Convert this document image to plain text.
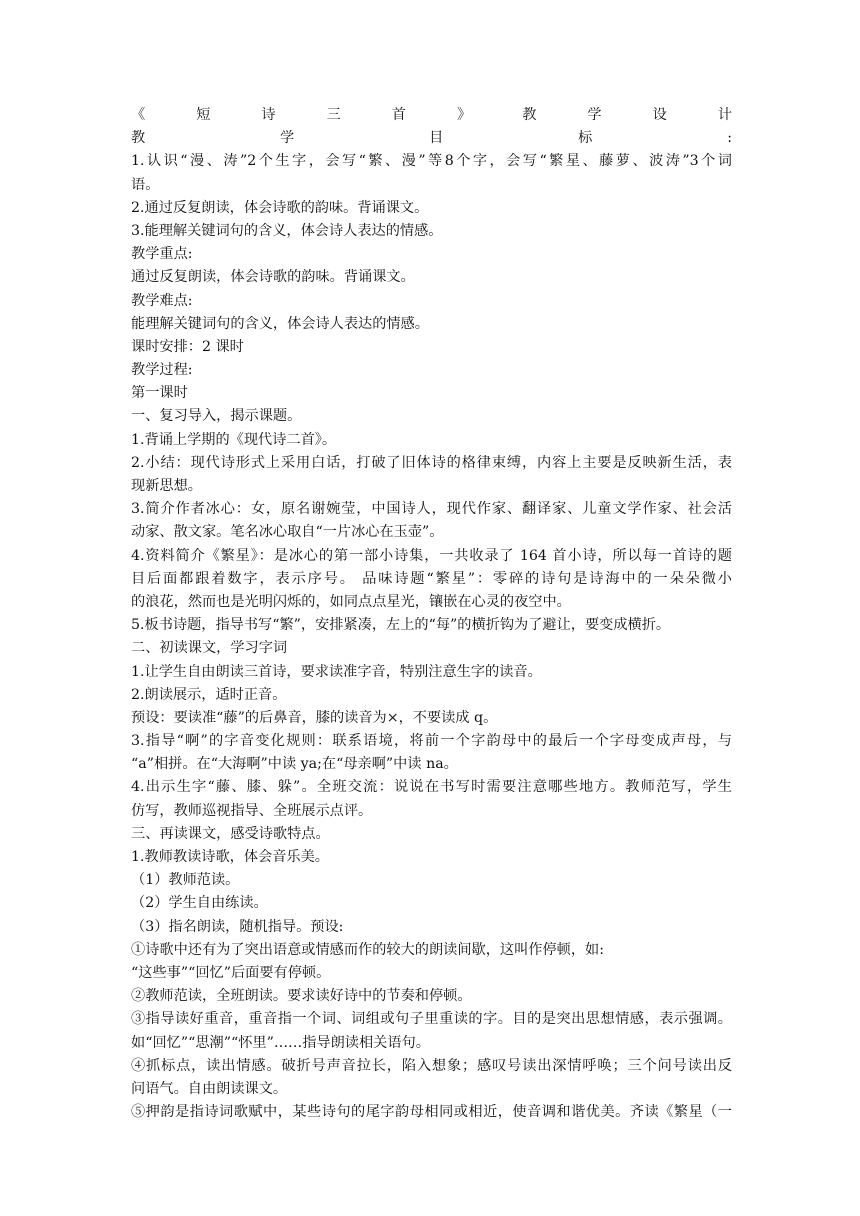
《短诗三首》教学设计
教学目标:
1.认识“漫、涛”2个生字，会写“繁、漫”等8个字，会写“繁星、藤萝、波涛”3个词
语。
2.通过反复朗读，体会诗歌的韵味。背诵课文。
3.能理解关键词句的含义，体会诗人表达的情感。
教学重点:
通过反复朗读，体会诗歌的韵味。背诵课文。
教学难点:
能理解关键词句的含义，体会诗人表达的情感。
课时安排：2 课时
教学过程:
第一课时
一、复习导入，揭示课题。
1.背诵上学期的《现代诗二首》。
2.小结：现代诗形式上采用白话，打破了旧体诗的格律束缚，内容上主要是反映新生活，表
现新思想。
3.简介作者冰心：女，原名谢婉莹，中国诗人，现代作家、翻译家、儿童文学作家、社会活
动家、散文家。笔名冰心取自“一片冰心在玉壶”。
4.资料简介《繁星》：是冰心的第一部小诗集，一共收录了 164 首小诗，所以每一首诗的题
目后面都跟着数字，表示序号。 品味诗题“繁星”：零碎的诗句是诗海中的一朵朵微小
的浪花，然而也是光明闪烁的，如同点点星光，镶嵌在心灵的夜空中。
5.板书诗题，指导书写“繁”，安排紧凑，左上的“每”的横折钩为了避让，要变成横折。
二、初读课文，学习字词
1.让学生自由朗读三首诗，要求读准字音，特别注意生字的读音。
2.朗读展示，适时正音。
预设：要读准“藤”的后鼻音，膝的读音为×，不要读成 q。
3.指导“啊”的字音变化规则：联系语境，将前一个字韵母中的最后一个字母变成声母，与
“a”相拼。在“大海啊”中读 ya;在“母亲啊”中读 na。
4.出示生字“藤、膝、躲”。全班交流：说说在书写时需要注意哪些地方。教师范写，学生
仿写，教师巡视指导、全班展示点评。
三、再读课文，感受诗歌特点。
1.教师教读诗歌，体会音乐美。
（1）教师范读。
（2）学生自由练读。
（3）指名朗读，随机指导。预设:
①诗歌中还有为了突出语意或情感而作的较大的朗读间歇，这叫作停顿，如:
“这些事”“回忆”后面要有停顿。
②教师范读，全班朗读。要求读好诗中的节奏和停顿。
③指导读好重音，重音指一个词、词组或句子里重读的字。目的是突出思想情感，表示强调。
如“回忆”“思潮”“怀里”……指导朗读相关语句。
④抓标点，读出情感。破折号声音拉长，陷入想象；感叹号读出深情呼唤；三个问号读出反
问语气。自由朗读课文。
⑤押韵是指诗词歌赋中，某些诗句的尾字韵母相同或相近，使音调和谐优美。齐读《繁星（一
